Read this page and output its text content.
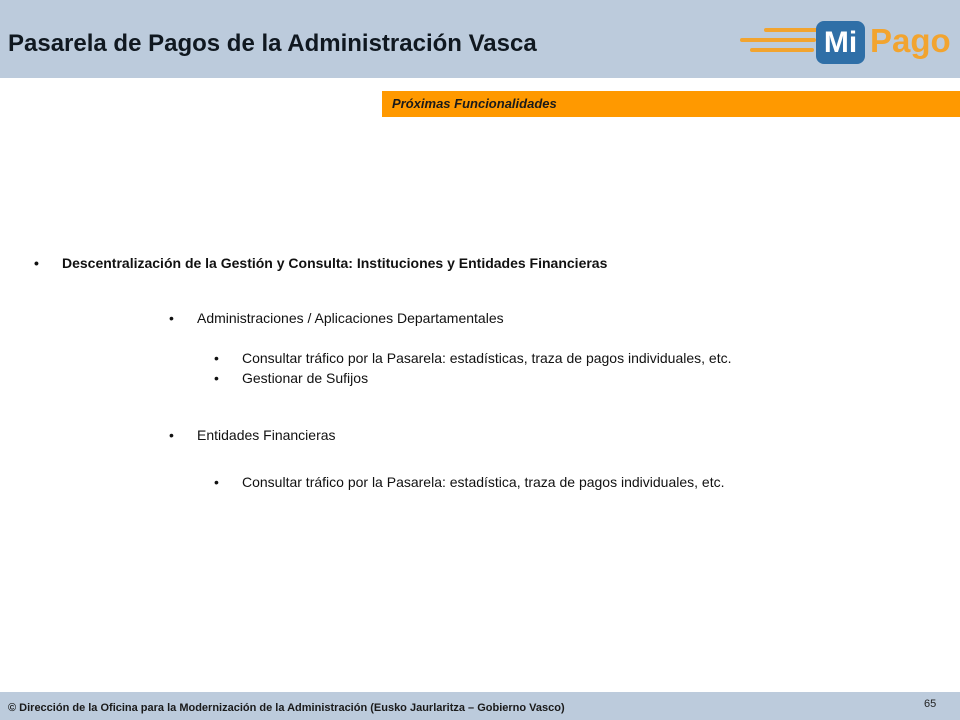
Pasarela de Pagos de la Administración Vasca	Mi Pago
Próximas Funcionalidades
• Descentralización de la Gestión y Consulta: Instituciones y Entidades Financieras
• Administraciones / Aplicaciones Departamentales
• Consultar tráfico por la Pasarela: estadísticas, traza de pagos individuales, etc.
• Gestionar de Sufijos
• Entidades Financieras
• Consultar tráfico por la Pasarela: estadística, traza de pagos individuales, etc.
© Dirección de la Oficina para la Modernización de la Administración (Eusko Jaurlaritza – Gobierno Vasco)	65
